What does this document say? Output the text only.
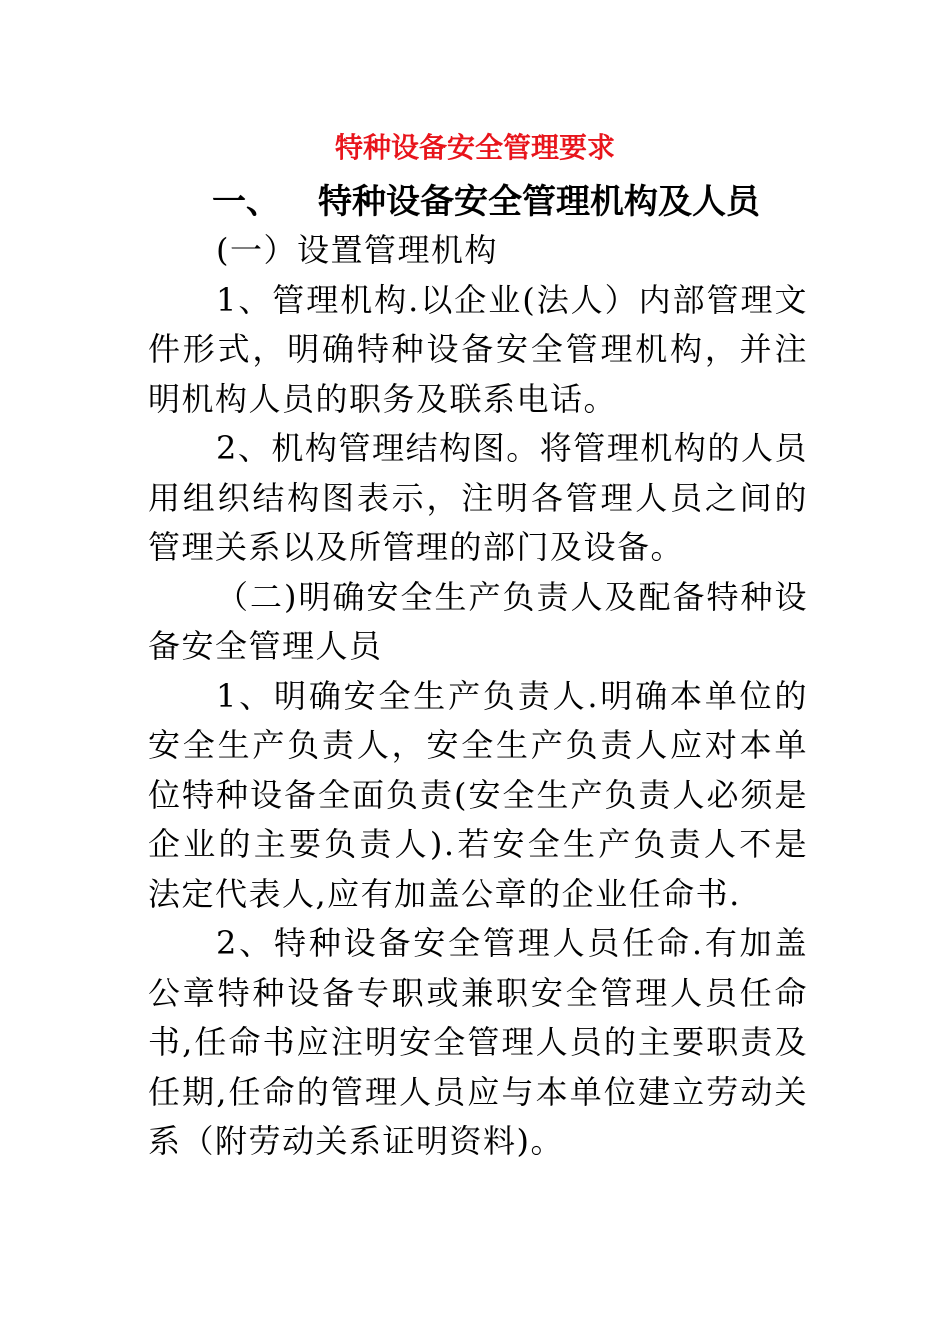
特种设备安全管理要求
一、 特种设备安全管理机构及人员

(一）设置管理机构

1、管理机构.以企业(法人）内部管理文件形式，明确特种设备安全管理机构，并注明机构人员的职务及联系电话。

2、机构管理结构图。将管理机构的人员用组织结构图表示，注明各管理人员之间的管理关系以及所管理的部门及设备。

（二)明确安全生产负责人及配备特种设备安全管理人员

1、明确安全生产负责人.明确本单位的安全生产负责人，安全生产负责人应对本单位特种设备全面负责(安全生产负责人必须是企业的主要负责人).若安全生产负责人不是法定代表人,应有加盖公章的企业任命书.

2、特种设备安全管理人员任命.有加盖公章特种设备专职或兼职安全管理人员任命书,任命书应注明安全管理人员的主要职责及任期,任命的管理人员应与本单位建立劳动关系（附劳动关系证明资料)。
